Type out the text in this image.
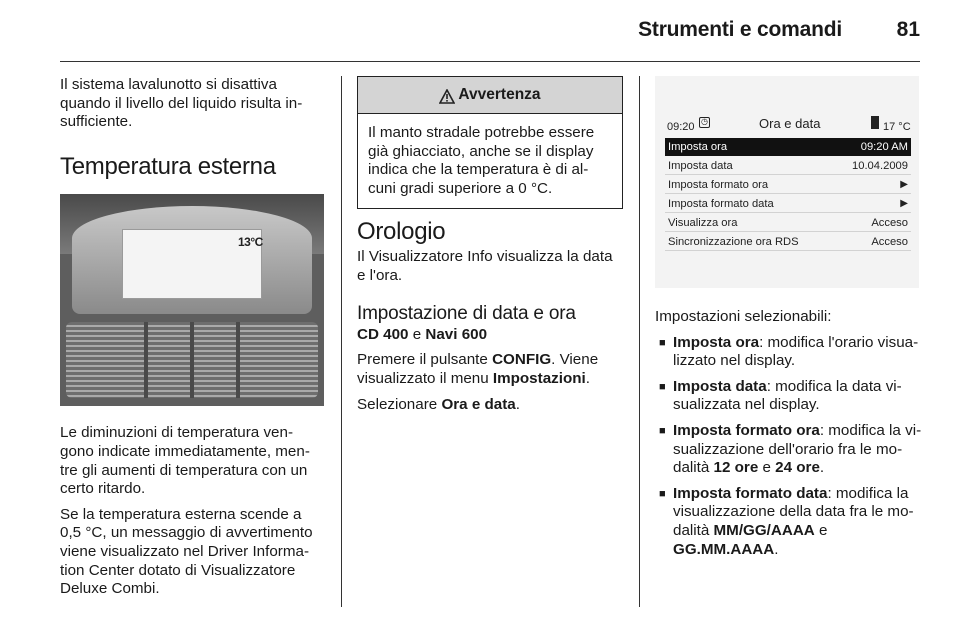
Strumenti e comandi	81
Il sistema lavalunotto si disattiva quando il livello del liquido risulta in-sufficiente.
Temperatura esterna
13°C
Le diminuzioni di temperatura ven-gono indicate immediatamente, men-tre gli aumenti di temperatura con un certo ritardo.
Se la temperatura esterna scende a 0,5 °C, un messaggio di avvertimento viene visualizzato nel Driver Informa-tion Center dotato di Visualizzatore Deluxe Combi.
Avvertenza
Il manto stradale potrebbe essere già ghiacciato, anche se il display indica che la temperatura è di al-cuni gradi superiore a 0 °C.
Orologio
Il Visualizzatore Info visualizza la data e l'ora.
Impostazione di data e ora
CD 400 e Navi 600
Premere il pulsante CONFIG. Viene visualizzato il menu Impostazioni.
Selezionare Ora e data.
09:20 ◷	Ora e data	17 °C
Imposta ora	09:20 AM
Imposta data	10.04.2009
Imposta formato ora	▶
Imposta formato data	▶
Visualizza ora	Acceso
Sincronizzazione ora RDS	Acceso
Impostazioni selezionabili:
■ Imposta ora: modifica l'orario visua-lizzato nel display.
■ Imposta data: modifica la data vi-sualizzata nel display.
■ Imposta formato ora: modifica la vi-sualizzazione dell'orario fra le mo-dalità 12 ore e 24 ore.
■ Imposta formato data: modifica la visualizzazione della data fra le mo-dalità MM/GG/AAAA e GG.MM.AAAA.
